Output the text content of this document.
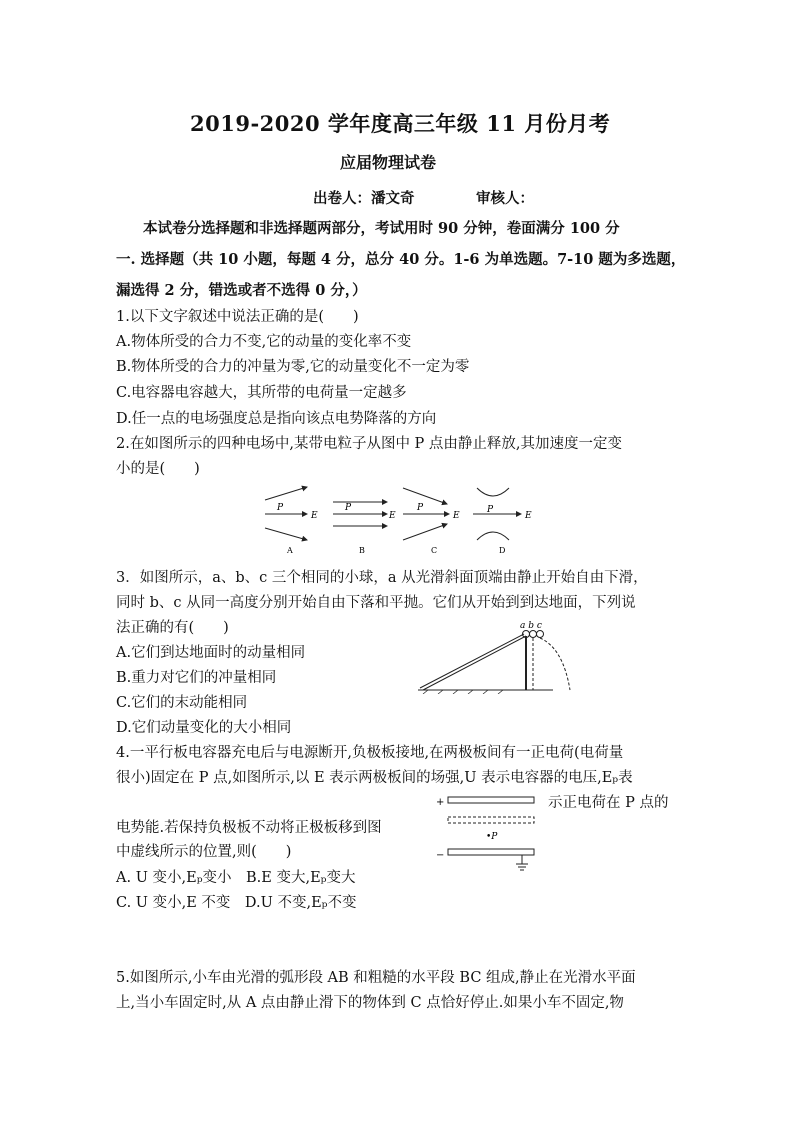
2019-2020 学年度高三年级 11 月份月考
应届物理试卷
出卷人：潘文奇	审核人：
本试卷分选择题和非选择题两部分，考试用时 90 分钟，卷面满分 100 分
一. 选择题（共 10 小题，每题 4 分，总分 40 分。1-6 为单选题。7-10 题为多选题，
漏选得 2 分，错选或者不选得 0 分，）
1.以下文字叙述中说法正确的是(　　)
A.物体所受的合力不变,它的动量的变化率不变
B.物体所受的合力的冲量为零,它的动量变化不一定为零
C.电容器电容越大，其所带的电荷量一定越多
D.任一点的电场强度总是指向该点电势降落的方向
2.在如图所示的四种电场中,某带电粒子从图中 P 点由静止释放,其加速度一定变
小的是(　　)
P
E
A
P
E
B
P
E
C
P
E
D
3．如图所示，a、b、c 三个相同的小球，a 从光滑斜面顶端由静止开始自由下滑，
同时 b、c 从同一高度分别开始自由下落和平抛。它们从开始到到达地面，下列说
法正确的有(　　)
A.它们到达地面时的动量相同
B.重力对它们的冲量相同
C.它们的末动能相同
D.它们动量变化的大小相同
a b c
4.一平行板电容器充电后与电源断开,负极板接地,在两极板间有一正电荷(电荷量
很小)固定在 P 点,如图所示,以 E 表示两极板间的场强,U 表示电容器的电压,Eₚ表
示正电荷在 P 点的
电势能.若保持负极板不动将正极板移到图
中虚线所示的位置,则(　　)
A. U 变小,Eₚ变小　B.E 变大,Eₚ变大
C. U 变小,E 不变　D.U 不变,Eₚ不变
+
•P
−
5.如图所示,小车由光滑的弧形段 AB 和粗糙的水平段 BC 组成,静止在光滑水平面
上,当小车固定时,从 A 点由静止滑下的物体到 C 点恰好停止.如果小车不固定,物
